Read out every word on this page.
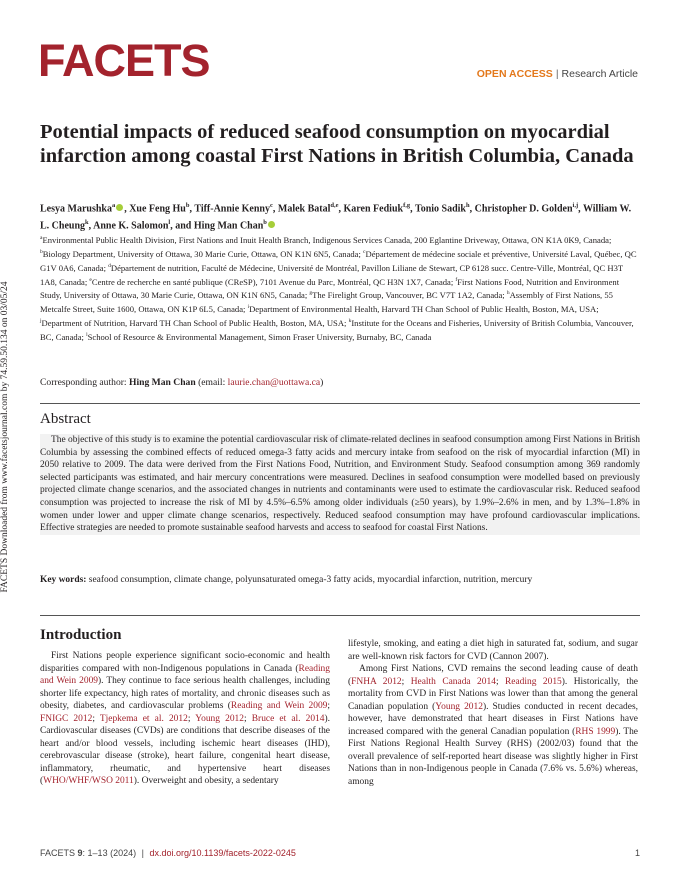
FACETS Downloaded from www.facetsjournal.com by 74.59.50.134 on 03/05/24
FACETS	OPEN ACCESS | Research Article
Potential impacts of reduced seafood consumption on myocardial infarction among coastal First Nations in British Columbia, Canada
Lesya Marushka$^a$ , Xue Feng Hu$^b$, Tiff-Annie Kenny$^c$, Malek Batal$^{d,e}$, Karen Fediuk$^{f,g}$, Tonio Sadik$^h$, Christopher D. Golden$^{i,j}$, William W. L. Cheung$^k$, Anne K. Salomon$^l$, and Hing Man Chan$^b$

$^a$Environmental Public Health Division, First Nations and Inuit Health Branch, Indigenous Services Canada, 200 Eglantine Driveway, Ottawa, ON K1A 0K9, Canada; $^b$Biology Department, University of Ottawa, 30 Marie Curie, Ottawa, ON K1N 6N5, Canada; $^c$Département de médecine sociale et préventive, Université Laval, Québec, QC G1V 0A6, Canada; $^d$Département de nutrition, Faculté de Médecine, Université de Montréal, Pavillon Liliane de Stewart, CP 6128 succ. Centre-Ville, Montréal, QC H3T 1A8, Canada; $^e$Centre de recherche en santé publique (CReSP), 7101 Avenue du Parc, Montréal, QC H3N 1X7, Canada; $^f$First Nations Food, Nutrition and Environment Study, University of Ottawa, 30 Marie Curie, Ottawa, ON K1N 6N5, Canada; $^g$The Firelight Group, Vancouver, BC V7T 1A2, Canada; $^h$Assembly of First Nations, 55 Metcalfe Street, Suite 1600, Ottawa, ON K1P 6L5, Canada; $^i$Department of Environmental Health, Harvard TH Chan School of Public Health, Boston, MA, USA; $^j$Department of Nutrition, Harvard TH Chan School of Public Health, Boston, MA, USA; $^k$Institute for the Oceans and Fisheries, University of British Columbia, Vancouver, BC, Canada; $^l$School of Resource & Environmental Management, Simon Fraser University, Burnaby, BC, Canada

Corresponding author: Hing Man Chan (email: laurie.chan@uottawa.ca)
Abstract

The objective of this study is to examine the potential cardiovascular risk of climate-related declines in seafood consumption among First Nations in British Columbia by assessing the combined effects of reduced omega-3 fatty acids and mercury intake from seafood on the risk of myocardial infarction (MI) in 2050 relative to 2009. The data were derived from the First Nations Food, Nutrition, and Environment Study. Seafood consumption among 369 randomly selected participants was estimated, and hair mercury concentrations were measured. Declines in seafood consumption were modelled based on previously projected climate change scenarios, and the associated changes in nutrients and contaminants were used to estimate the cardiovascular risk. Reduced seafood consumption was projected to increase the risk of MI by 4.5%–6.5% among older individuals (≥50 years), by 1.9%–2.6% in men, and by 1.3%–1.8% in women under lower and upper climate change scenarios, respectively. Reduced seafood consumption may have profound cardiovascular implications. Effective strategies are needed to promote sustainable seafood harvests and access to seafood for coastal First Nations.

Key words: seafood consumption, climate change, polyunsaturated omega-3 fatty acids, myocardial infarction, nutrition, mercury
Introduction

First Nations people experience significant socio-economic and health disparities compared with non-Indigenous populations in Canada (Reading and Wein 2009). They continue to face serious health challenges, including shorter life expectancy, high rates of mortality, and chronic diseases such as obesity, diabetes, and cardiovascular problems (Reading and Wein 2009; FNIGC 2012; Tjepkema et al. 2012; Young 2012; Bruce et al. 2014). Cardiovascular diseases (CVDs) are conditions that describe diseases of the heart and/or blood vessels, including ischemic heart diseases (IHD), cerebrovascular disease (stroke), heart failure, congenital heart disease, inflammatory, rheumatic, and hypertensive heart diseases (WHO/WHF/WSO 2011). Overweight and obesity, a sedentary

lifestyle, smoking, and eating a diet high in saturated fat, sodium, and sugar are well-known risk factors for CVD (Cannon 2007).

Among First Nations, CVD remains the second leading cause of death (FNHA 2012; Health Canada 2014; Reading 2015). Historically, the mortality from CVD in First Nations was lower than that among the general Canadian population (Young 2012). Studies conducted in recent decades, however, have demonstrated that heart diseases in First Nations have increased compared with the general Canadian population (RHS 1999). The First Nations Regional Health Survey (RHS) (2002/03) found that the overall prevalence of self-reported heart disease was slightly higher in First Nations than in non-Indigenous people in Canada (7.6% vs. 5.6%) whereas, among

FACETS 9: 1–13 (2024) | dx.doi.org/10.1139/facets-2022-0245	1
